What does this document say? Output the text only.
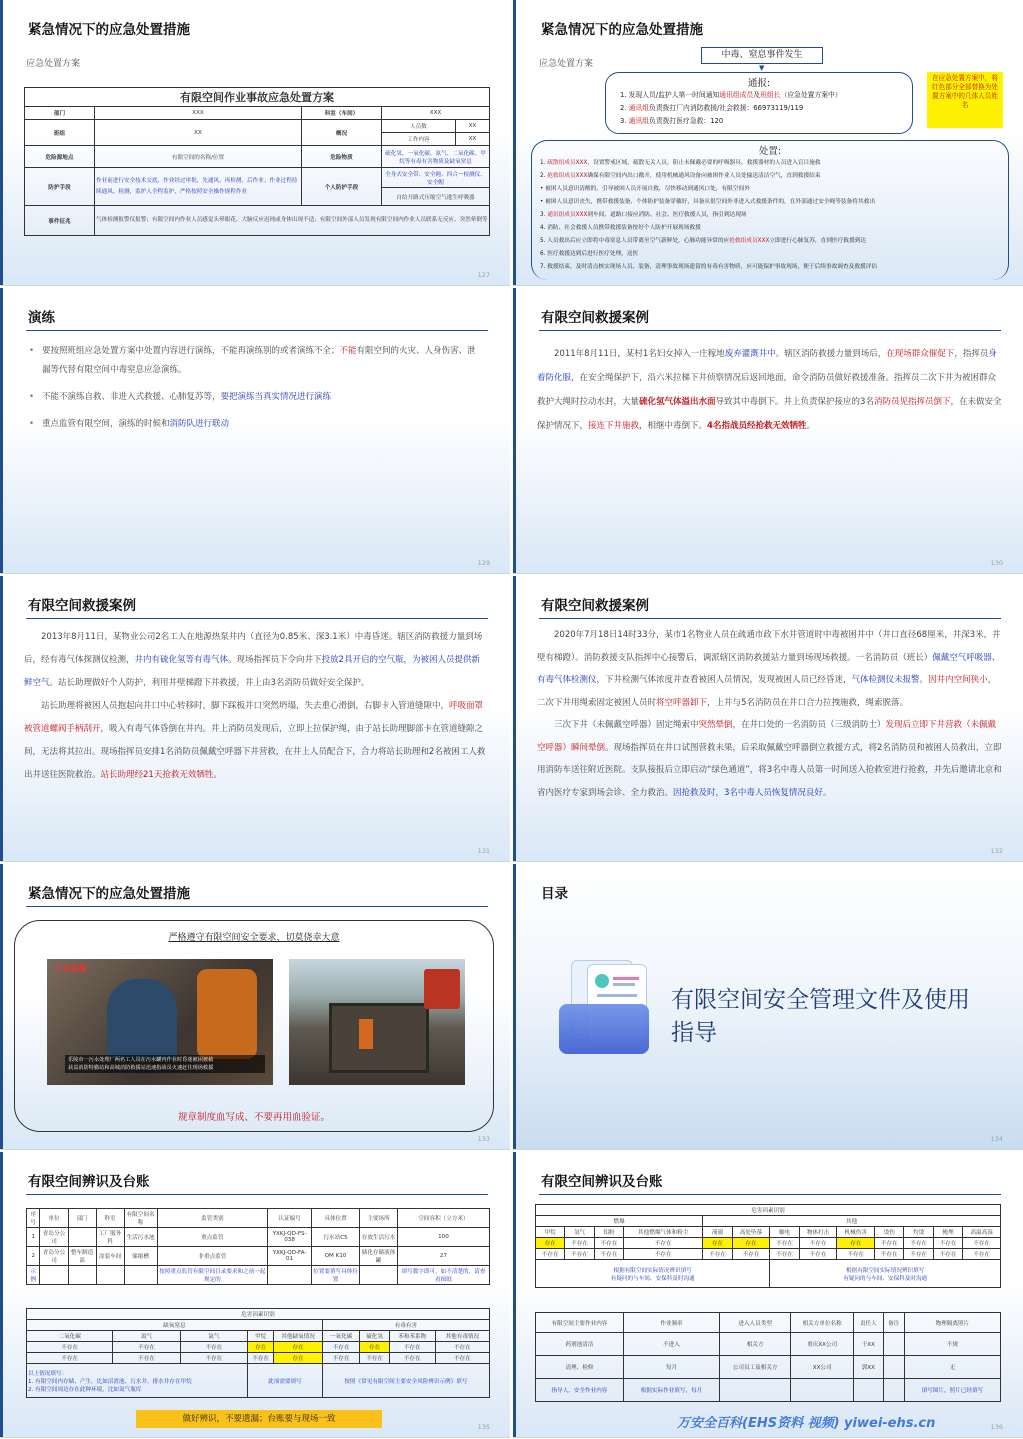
紧急情况下的应急处置措施
应急处置方案
有限空间作业事故应急处置方案				
部门	XXX	科室（车间）	XXX	
班组	XX	概况	人员数	XX
			工作内容	XX
危险源地点	有限空间的名称/位置	危险物质	硫化氢、一氧化碳、氮气、二氧化碳、甲烷等有毒有害物质及缺氧窒息	
防护手段	作业前进行安全技术交底，作业经过审批，先通风，再检测，后作业；作业过程持续通风、检测，监护人全程监护，严格按照安全操作规程作业	个人防护手段	全身式安全带、安全绳、四合一检测仪、安全帽	
			自给开路式压缩空气逃生呼吸器	
事件征兆	气体检测报警仪报警；有限空间内作业人员感觉头晕眼花、大脑反应迟钝或身体出现不适；有限空间外部人员发现有限空间内作业人员联系无反应、突然晕倒等			
127
紧急情况下的应急处置措施
应急处置方案
中毒、窒息事件发生
▼
通报:
1. 发现人员/监护人第一时间通知通讯组成员及班组长（应急处置方案中）
2. 通讯组负责拨打厂内消防救援/社会救援：66973119/119
3. 通讯组负责拨打医疗急救：120
在应急处置方案中，将红色部分全部替换为处置方案中的几体人员姓名
处置:
1. 疏散组成员XXX，设置警戒区域，疏散无关人员，阻止未佩戴必要的呼吸器具、救援器材的人员进入盲目施救
2. 抢救组成员XXX确保有限空间内出口敞开，使用机械通风设备向被困作业人员处输送清洁空气，直到救援结束
• 被困人员意识清醒的，引导被困人员开展自救，尽快移动到通风口处，有限空间外
• 被困人员意识丧失，携带救援装备，个体防护装备穿戴好，具备从很空间外非进入式救援条件的，在外部通过安全绳等装备将其救出
3. 通讯组成员XXX到车间、道路口接应消防、社会、医疗救援人员，指引到达现场
4. 消防、社会救援人员携带救援装备按好个人防护开展现场救援
5. 人员救出后应立即将中毒窒息人员带离至空气新鲜处，心肺功能异常的应抢救组成员XXX立即进行心肺复苏，直到医疗救援到达
6. 医疗救援达到后进行医疗处理，送医
7. 救援结束，及时清点核实现场人员、装备，清理事故现场遗留的有毒有害物质，应可能保护事故现场，便于后续事故调查及救援评估
演练
• 要按照班组应急处置方案中处置内容进行演练，不能再演练别的或者演练不全；不能有限空间的火灾、人身伤害、泄漏等代替有限空间中毒窒息应急演练。
• 不能不演练自救、非进入式救援、心肺复苏等，要把演练当真实情况进行演练
• 重点监管有限空间，演练的时候和消防队进行联动
129
有限空间救援案例
2011年8月11日，某村1名妇女掉入一庄稼地废弃灌溉井中。辖区消防救援力量到场后，在现场群众催促下，指挥员身着防化服，在安全绳保护下，沿六米拉梯下井侦察情况后返回地面，命令消防员做好救援准备。指挥员二次下井为被困群众救护大绳时拉动水封，大量硫化氢气体溢出水面导致其中毒倒下。井上负责保护接应的3名消防员见指挥员倒下，在未做安全保护情况下，接连下井施救，相继中毒倒下。4名指战员经抢救无效牺牲。
130
有限空间救援案例
2013年8月11日，某物业公司2名工人在地源热泵井内（直径为0.85米、深3.1米）中毒昏迷。辖区消防救援力量到场后，经有毒气体探测仪检测，井内有硫化氢等有毒气体。现场指挥员下令向井下投放2具开启的空气瓶，为被困人员提供新鲜空气。站长助理做好个人防护，利用井壁梯蹬下井救援，井上由3名消防员做好安全保护。
站长助理将被困人员抱起向井口中心转移时，脚下踩板井口突然坍塌，失去重心滑倒，右脚卡入管道缝隙中，呼吸面罩被管道螺阀手柄刮开，吸入有毒气体昏倒在井内。井上消防员发现后，立即上拉保护绳，由于站长助理脚部卡在管道缝隙之间，无法将其拉出。现场指挥员安排1名消防员佩戴空呼器下井营救，在井上人员配合下，合力将站长助理和2名被困工人救出井送往医院救治。站长助理经21天抢救无效牺牲。
131
有限空间救援案例
2020年7月18日14时33分，某市1名物业人员在疏通市政下水井管道时中毒被困井中（井口直径68厘米，井深3米，井壁有梯蹬）。消防救援支队指挥中心接警后，调派辖区消防救援站力量到场现场救援。一名消防员（班长）佩戴空气呼吸器、有毒气体检测仪，下井检测气体浓度并查看被困人员情况，发现被困人员已经昏迷，气体检测仪未报警。因井内空间狭小，二次下井用绳索固定被困人员时将空呼器卸下，上井与5名消防员在井口合力拉拽施救，绳索脱落。
三次下井（未佩戴空呼器）固定绳索中突然晕倒，在井口处的一名消防员（三级消防士）发现后立即下井营救（未佩戴空呼器）瞬间晕倒。现场指挥员在井口试图营救未果，后采取佩戴空呼器倒立救援方式，将2名消防员和被困人员救出，立即用消防车送往附近医院。支队接报后立即启动“绿色通道”，将3名中毒人员第一时间送入抢救室进行抢救，并先后邀请北京和省内医疗专家到场会诊、全力救治。因抢救及时，3名中毒人员恢复情况良好。
132
紧急情况下的应急处置措施
严格遵守有限空间安全要求，切莫侥幸大意
人民视频
乐陵市一污水处理厂两名工人员在污水罐内作业时昏迷被困被截
获益消防特勤站和高城消防救援站迅速指战员火速赶往现场救援
规章制度血写成、不要再用血验证。
133
目录
有限空间安全管理文件及使用指导
134
有限空间辨识及台账
序号	单位	部门	科室	有限空间名称	监管类别	认证编号	具体位置	主要场所	空间容积（立方米）
1	青岛分公司		工厂服务科	生活污水池	重点监管	YXKJ-QD-FS-038	污水站C5	存放生活污水	100
2	青岛分公司	整车制造部	涂装车间	储缩槽	非重点监管	YXKJ-QD-FA-01	OM K10	储化存储液体罐	27
示例					按照重点监管有限空间目录要求和之前一起规定的		位置要填写具体位置		填写数字即可，如不清楚的，请查看图纸
危害因素识别								
缺氧窒息					有毒有害			
二氧化碳	氮气	氩气	甲烷	其他缺氧情况	一氧化碳	硫化氢	苯和苯系物	其他有毒情况
不存在	不存在	不存在	存在	存在	不存在	存在	不存在	不存在
不存在	不存在	不存在	不存在	存在	不存在	不存在	不存在	不存在
以上情况填写：
1. 有限空间内存储、产生、比如沼渣池、污水井、排水井存在甲烷
2. 有限空间周边存在此种环境，比如氮气瓶库			此项需要填写		按照《常见有限空间主要安全风险辨识示例》填写			
做好辨识，不要遗漏；台账要与现场一致
135
有限空间辨识及台账
危害因素识别												
燃爆				其他								
甲烷	氢气	铝粉	其他燃爆气体和粉尘	淹溺	高处坠落	触电	物体打击	机械伤害	烫伤	灼烫	掩埋	高温高湿
存在	不存在	不存在	不存在	存在	存在	不存在	不存在	存在	不存在	不存在	不存在	不存在
不存在	不存在	不存在	不存在	不存在	不存在	不存在	不存在	不存在	不存在	不存在	不存在	不存在
根据有限空间实际情况辨识填写
有疑问的与车间、安保科及时沟通						根据有限空间实际情况辨识填写
有疑问的与车间、安保科及时沟通						
有限空间主要作业内容	作业频率	进入人员类型	相关方单位名称	责任人	备注	物理隔离照片
药剂池清洁	不进入	相关方	重庆XX公司	于XX		不规
清理、检修	每月	公司员工及相关方	XX公司	郭XX		无
指导人，安全作业内容	根据实际作业填写，每月					填写图片，照片已经填写
万安全百科(EHS资料 视频) yiwei-ehs.cn	136
